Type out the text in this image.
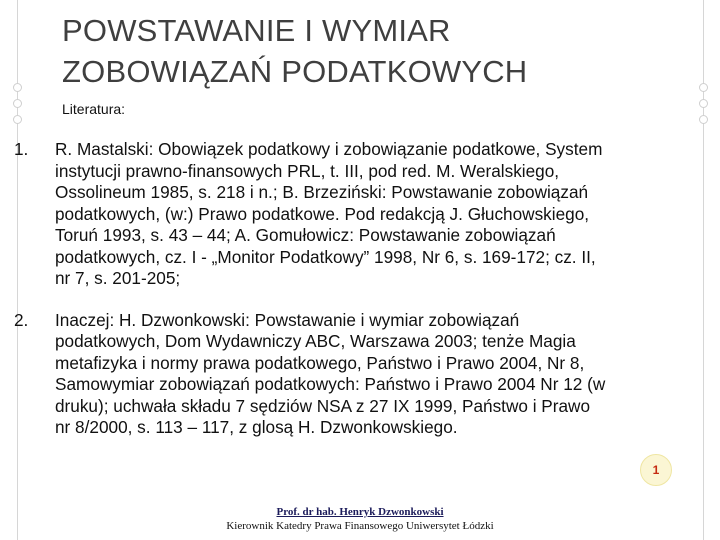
POWSTAWANIE I WYMIAR
ZOBOWIĄZAŃ PODATKOWYCH
Literatura:
1. R. Mastalski: Obowiązek podatkowy i zobowiązanie podatkowe, System
instytucji prawno-finansowych PRL, t. III, pod red. M. Weralskiego,
Ossolineum 1985, s. 218 i n.; B. Brzeziński: Powstawanie zobowiązań
podatkowych, (w:) Prawo podatkowe. Pod redakcją J. Głuchowskiego,
Toruń 1993, s. 43 – 44; A. Gomułowicz: Powstawanie zobowiązań
podatkowych, cz. I - „Monitor Podatkowy” 1998, Nr 6, s. 169-172; cz. II,
nr 7, s. 201-205;
2. Inaczej: H. Dzwonkowski: Powstawanie i wymiar zobowiązań
podatkowych, Dom Wydawniczy ABC, Warszawa 2003; tenże Magia
metafizyka i normy prawa podatkowego, Państwo i Prawo 2004, Nr 8,
Samowymiar zobowiązań podatkowych: Państwo i Prawo 2004 Nr 12 (w
druku); uchwała składu 7 sędziów NSA z 27 IX 1999, Państwo i Prawo
nr 8/2000, s. 113 – 117, z glosą H. Dzwonkowskiego.
1
Prof. dr hab. Henryk Dzwonkowski
Kierownik Katedry Prawa Finansowego Uniwersytet Łódzki
